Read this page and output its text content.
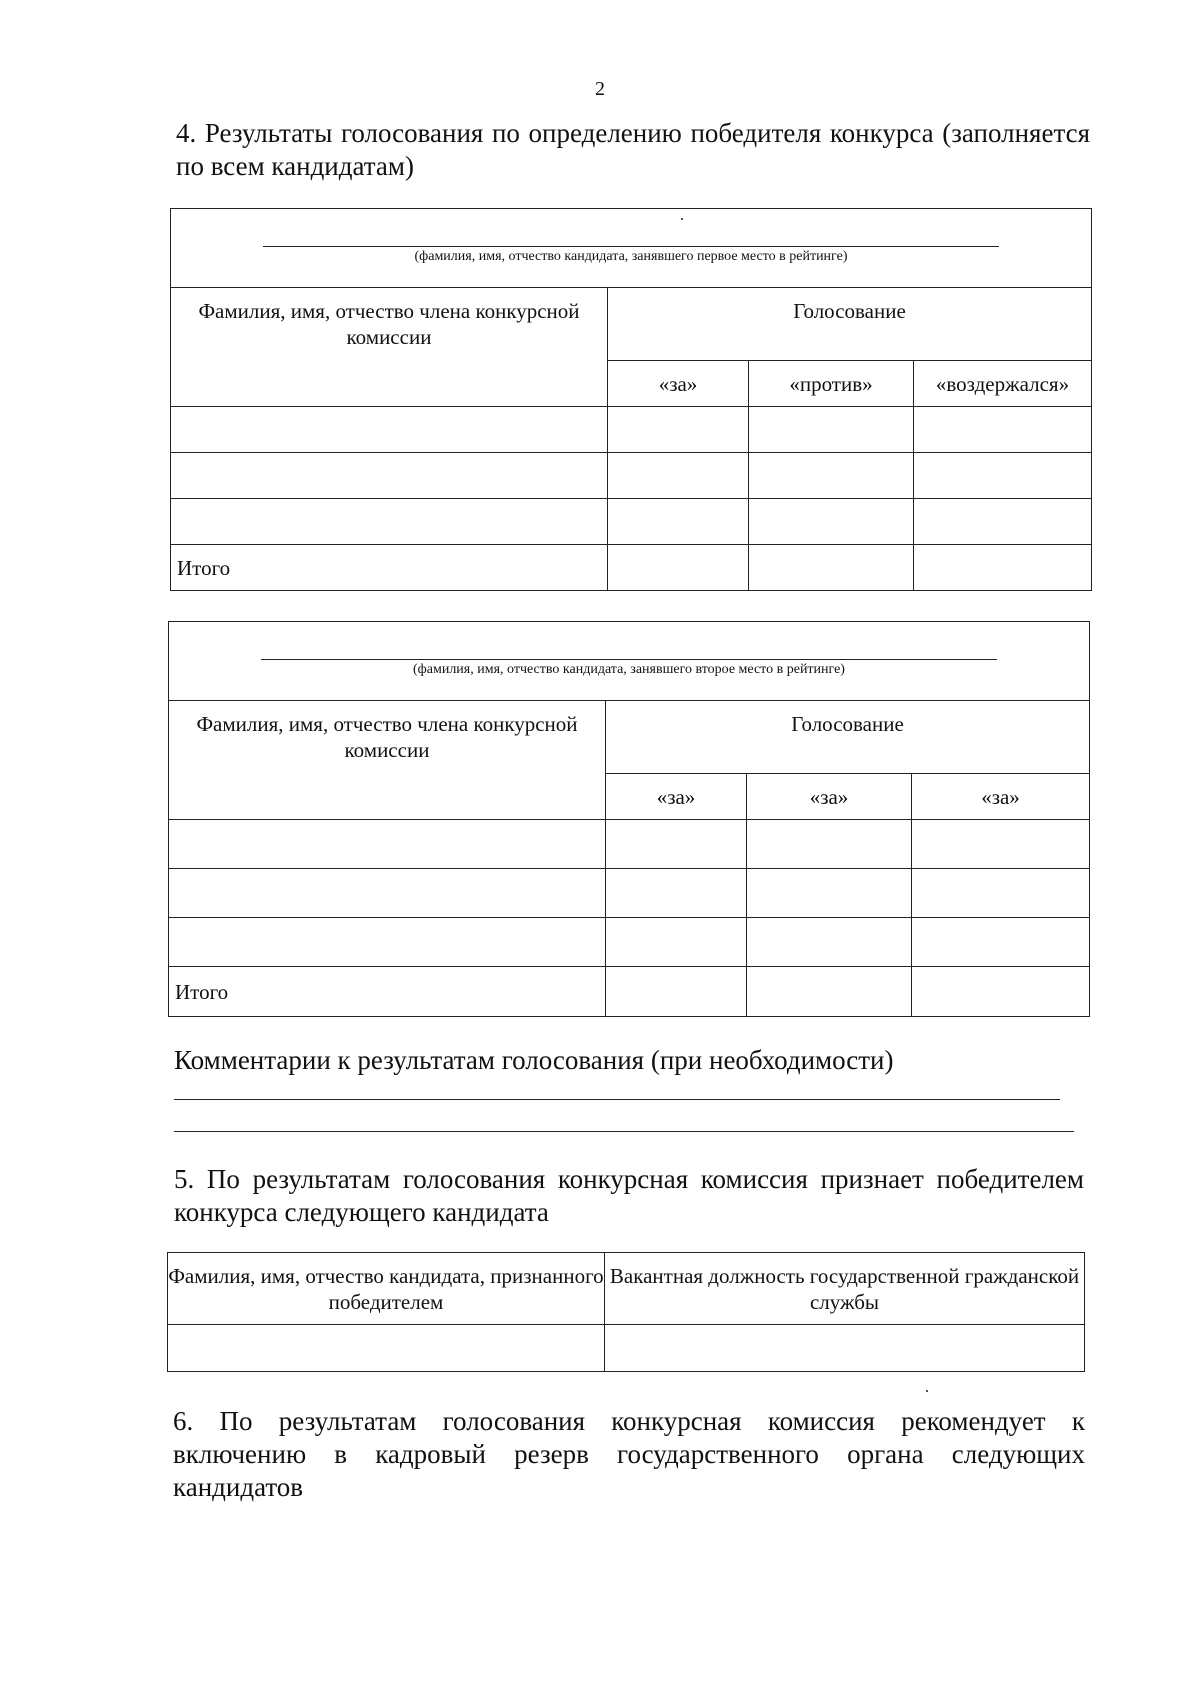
2
4. Результаты голосования по определению победителя конкурса (заполняется по всем кандидатам)
(фамилия, имя, отчество кандидата, занявшего первое место в рейтинге)			

Фамилия, имя, отчество члена конкурсной комиссии	Голосование		
	«за»	«против»	«воздержался»

Итого			
(фамилия, имя, отчество кандидата, занявшего второе место в рейтинге)			

Фамилия, имя, отчество члена конкурсной комиссии	Голосование		
	«за»	«за»	«за»

Итого			
Комментарии к результатам голосования (при необходимости)
5. По результатам голосования конкурсная комиссия признает победителем конкурса следующего кандидата
Фамилия, имя, отчество кандидата, признанного победителем	Вакантная должность государственной гражданской службы

6. По результатам голосования конкурсная комиссия рекомендует к включению в кадровый резерв государственного органа следующих кандидатов
